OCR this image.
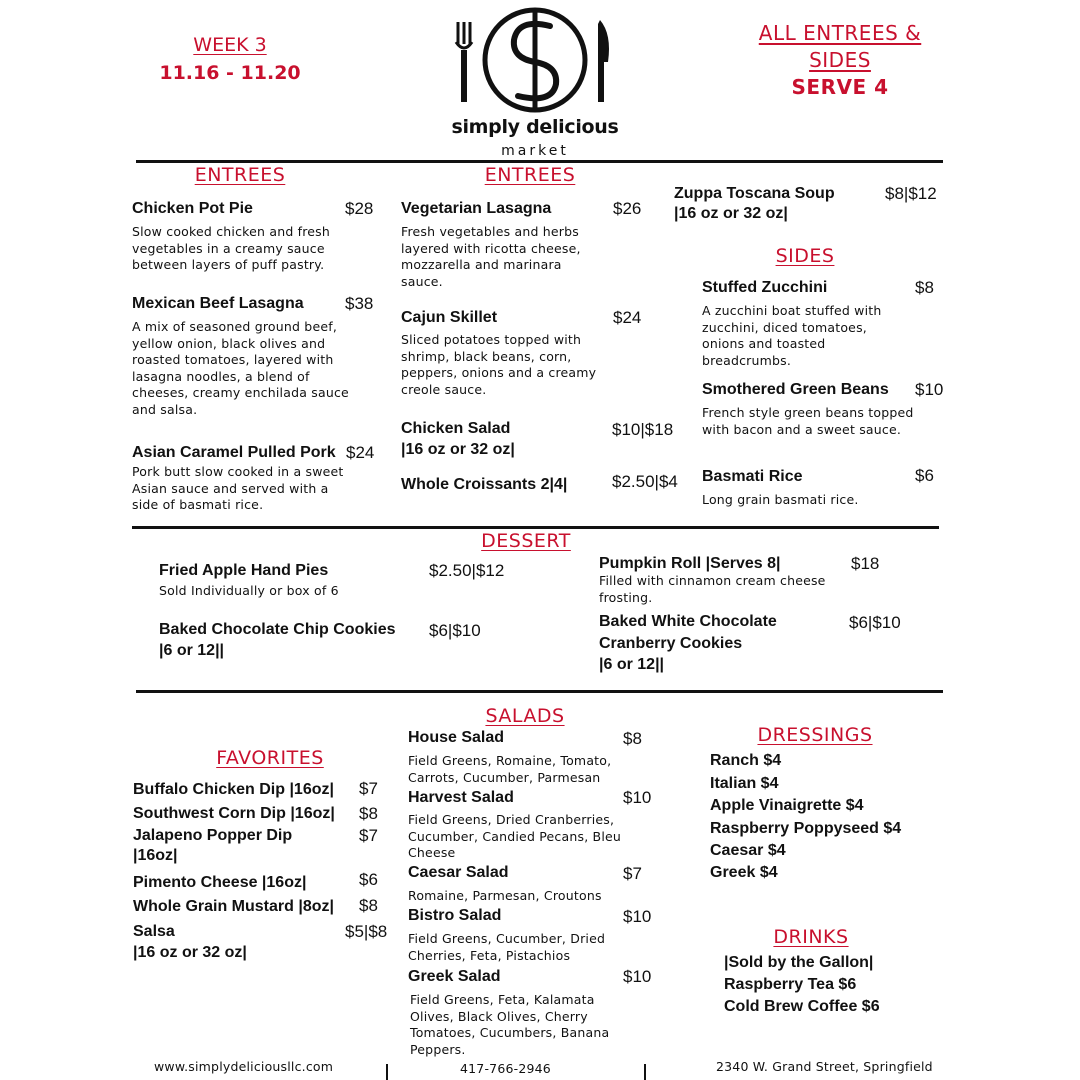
WEEK 3
11.16 - 11.20
ALL ENTREES &
SIDES
SERVE 4
simply delicious
market
ENTREES
Chicken Pot Pie	$28
Slow cooked chicken and fresh vegetables in a creamy sauce between layers of puff pastry.
Mexican Beef Lasagna $38
A mix of seasoned ground beef, yellow onion, black olives and roasted tomatoes, layered with lasagna noodles, a blend of cheeses, creamy enchilada sauce and salsa.
Asian Caramel Pulled Pork $24
Pork butt slow cooked in a sweet Asian sauce and served with a side of basmati rice.
ENTREES
Vegetarian Lasagna	$26
Fresh vegetables and herbs layered with ricotta cheese, mozzarella and marinara sauce.
Cajun Skillet	$24
Sliced potatoes topped with shrimp, black beans, corn, peppers, onions and a creamy creole sauce.
Chicken Salad
|16 oz or 32 oz|
$10|$18
Whole Croissants 2|4|	$2.50|$4
Zuppa Toscana Soup
|16 oz or 32 oz|
$8|$12
SIDES
Stuffed Zucchini	$8
A zucchini boat stuffed with zucchini, diced tomatoes, onions and toasted breadcrumbs.
Smothered Green Beans $10
French style green beans topped with bacon and a sweet sauce.
Basmati Rice	$6
Long grain basmati rice.
DESSERT
Fried Apple Hand Pies	$2.50|$12
Sold Individually or box of 6
Baked Chocolate Chip Cookies
|6 or 12||
$6|$10
Pumpkin Roll |Serves 8|	$18
Filled with cinnamon cream cheese frosting.
Baked White Chocolate
Cranberry Cookies
|6 or 12||
$6|$10
FAVORITES
Buffalo Chicken Dip |16oz| $7
Southwest Corn Dip |16oz| $8
Jalapeno Popper Dip
|16oz|
$7
Pimento Cheese |16oz|	$6
Whole Grain Mustard |8oz| $8
Salsa
|16 oz or 32 oz|
$5|$8
SALADS
House Salad	$8
Field Greens, Romaine, Tomato, Carrots, Cucumber, Parmesan
Harvest Salad	$10
Field Greens, Dried Cranberries, Cucumber, Candied Pecans, Bleu Cheese
Caesar Salad	$7
Romaine, Parmesan, Croutons
Bistro Salad	$10
Field Greens, Cucumber, Dried Cherries, Feta, Pistachios
Greek Salad	$10
Field Greens, Feta, Kalamata Olives, Black Olives, Cherry Tomatoes, Cucumbers, Banana Peppers.
DRESSINGS
Ranch $4
Italian $4
Apple Vinaigrette $4
Raspberry Poppyseed $4
Caesar $4
Greek $4
DRINKS
|Sold by the Gallon|
Raspberry Tea $6
Cold Brew Coffee $6
www.simplydeliciousllc.com	417-766-2946	2340 W. Grand Street, Springfield
